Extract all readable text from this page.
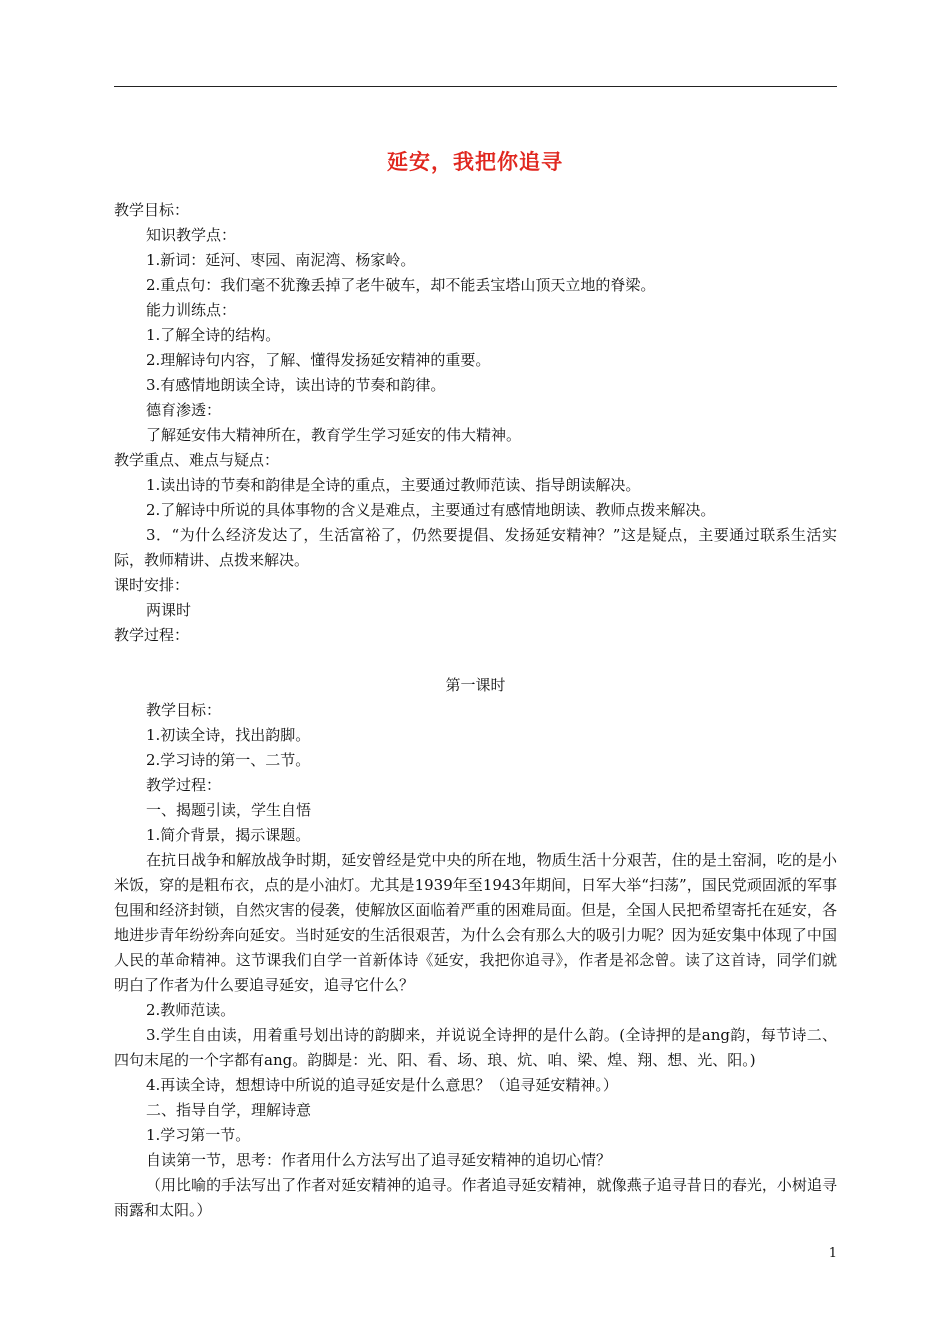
延安，我把你追寻
教学目标：
知识教学点：
1.新词：延河、枣园、南泥湾、杨家岭。
2.重点句：我们毫不犹豫丢掉了老牛破车，却不能丢宝塔山顶天立地的脊梁。
能力训练点：
1.了解全诗的结构。
2.理解诗句内容，了解、懂得发扬延安精神的重要。
3.有感情地朗读全诗，读出诗的节奏和韵律。
德育渗透：
了解延安伟大精神所在，教育学生学习延安的伟大精神。
教学重点、难点与疑点：
1.读出诗的节奏和韵律是全诗的重点，主要通过教师范读、指导朗读解决。
2.了解诗中所说的具体事物的含义是难点，主要通过有感情地朗读、教师点拨来解决。
3．“为什么经济发达了，生活富裕了，仍然要提倡、发扬延安精神？”这是疑点，主要通过联系生活实际，教师精讲、点拨来解决。
课时安排：
两课时
教学过程：
第一课时
教学目标：
1.初读全诗，找出韵脚。
2.学习诗的第一、二节。
教学过程：
一、揭题引读，学生自悟
1.简介背景，揭示课题。
在抗日战争和解放战争时期，延安曾经是党中央的所在地，物质生活十分艰苦，住的是土窑洞，吃的是小米饭，穿的是粗布衣，点的是小油灯。尤其是1939年至1943年期间，日军大举“扫荡”，国民党顽固派的军事包围和经济封锁，自然灾害的侵袭，使解放区面临着严重的困难局面。但是，全国人民把希望寄托在延安，各地进步青年纷纷奔向延安。当时延安的生活很艰苦，为什么会有那么大的吸引力呢？因为延安集中体现了中国人民的革命精神。这节课我们自学一首新体诗《延安，我把你追寻》，作者是祁念曾。读了这首诗，同学们就明白了作者为什么要追寻延安，追寻它什么？
2.教师范读。
3.学生自由读，用着重号划出诗的韵脚来，并说说全诗押的是什么韵。(全诗押的是ang韵，每节诗二、四句末尾的一个字都有ang。韵脚是：光、阳、看、场、琅、炕、咱、梁、煌、翔、想、光、阳。)
4.再读全诗，想想诗中所说的追寻延安是什么意思？（追寻延安精神。）
二、指导自学，理解诗意
1.学习第一节。
自读第一节，思考：作者用什么方法写出了追寻延安精神的追切心情？
（用比喻的手法写出了作者对延安精神的追寻。作者追寻延安精神，就像燕子追寻昔日的春光，小树追寻雨露和太阳。）
1
